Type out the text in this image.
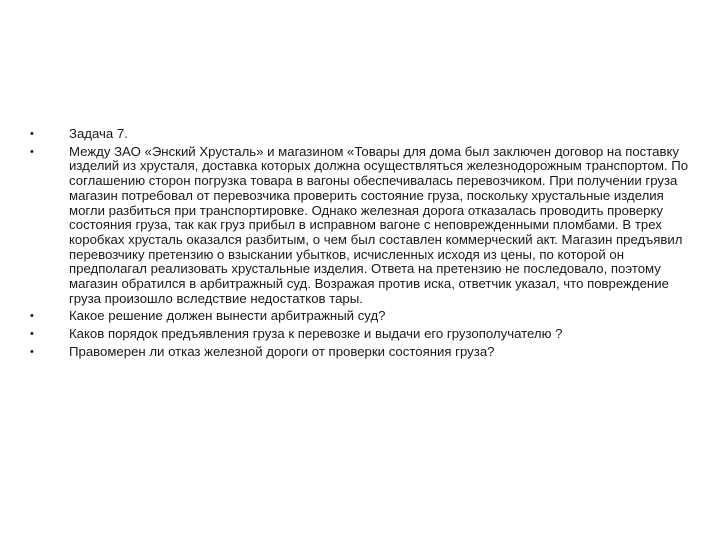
• Задача 7.
• Между ЗАО «Энский Хрусталь» и магазином «Товары для дома был заключен договор на поставку изделий из хрусталя, доставка которых должна осуществляться железнодорожным транспортом. По соглашению сторон погрузка товара в вагоны обеспечивалась перевозчиком. При получении груза магазин потребовал от перевозчика проверить состояние груза, поскольку хрустальные изделия могли разбиться при транспортировке. Однако железная дорога отказалась проводить проверку состояния груза, так как груз прибыл в исправном вагоне с неповрежденными пломбами. В трех коробках хрусталь оказался разбитым, о чем был составлен коммерческий акт. Магазин предъявил перевозчику претензию о взыскании убытков, исчисленных исходя из цены, по которой он предполагал реализовать хрустальные изделия. Ответа на претензию не последовало, поэтому магазин обратился в арбитражный суд. Возражая против иска, ответчик указал, что повреждение груза произошло вследствие недостатков тары.
• Какое решение должен вынести арбитражный суд?
• Каков порядок предъявления груза к перевозке и выдачи его грузополучателю ?
• Правомерен ли отказ железной дороги от проверки состояния груза?
